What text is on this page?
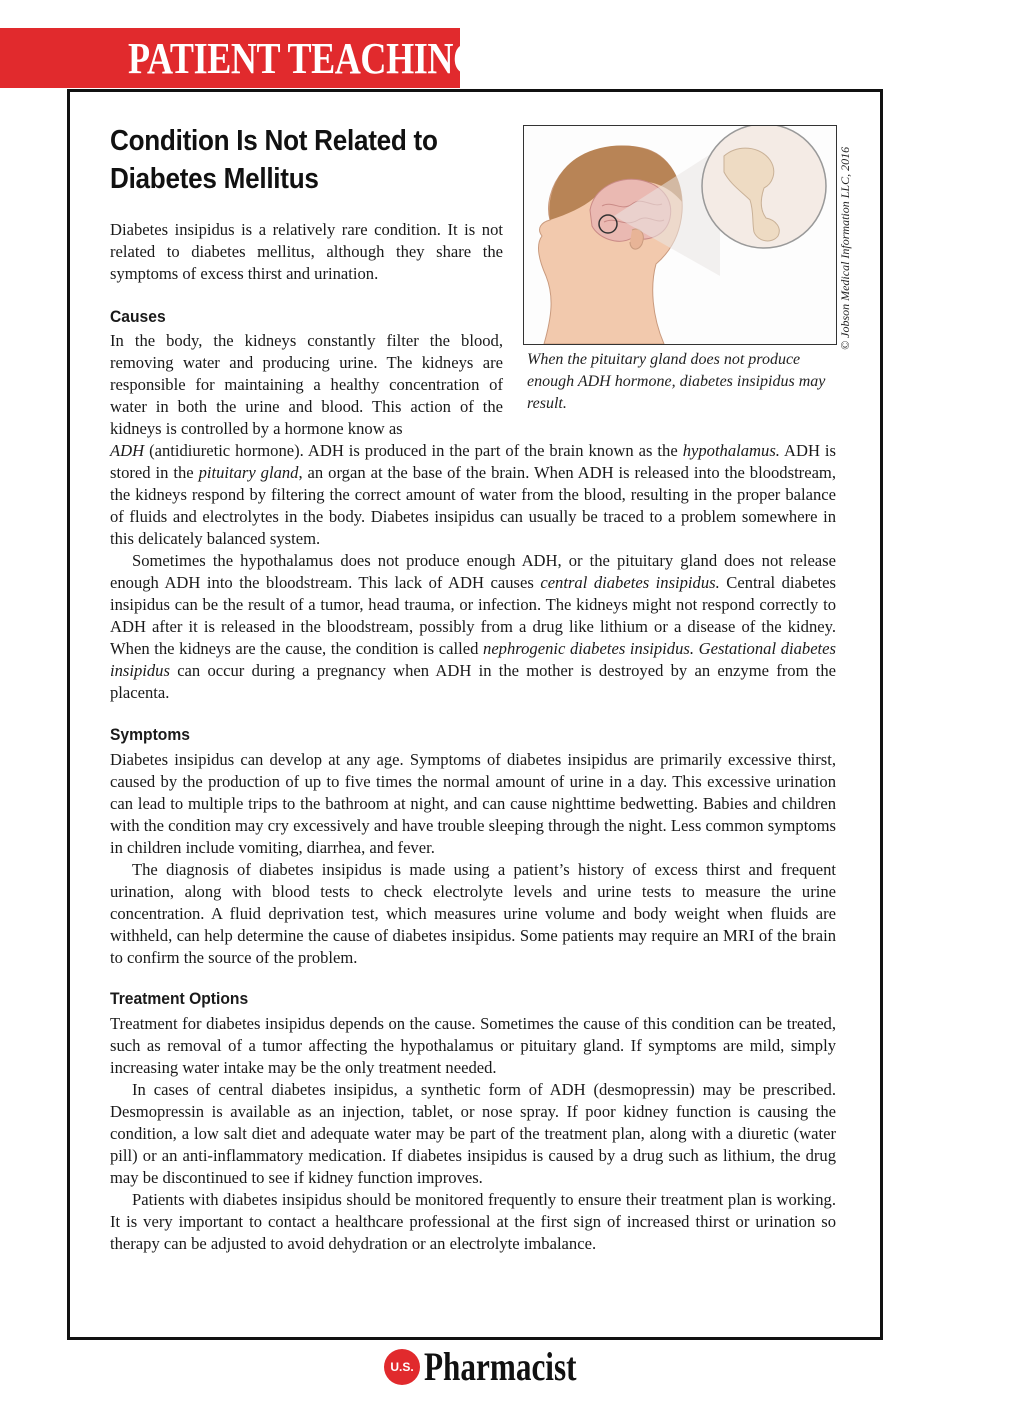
PATIENT TEACHING AID
Condition Is Not Related to Diabetes Mellitus

Diabetes insipidus is a relatively rare condition. It is not related to diabetes mellitus, although they share the symptoms of excess thirst and urination.

When the pituitary gland does not produce enough ADH hormone, diabetes insipidus may result.
© Jobson Medical Information LLC, 2016
Causes

In the body, the kidneys constantly filter the blood, removing water and producing urine. The kidneys are responsible for maintaining a healthy concentration of water in both the urine and blood. This action of the kidneys is controlled by a hormone know as

ADH (antidiuretic hormone). ADH is produced in the part of the brain known as the hypothalamus. ADH is stored in the pituitary gland, an organ at the base of the brain. When ADH is released into the bloodstream, the kidneys respond by filtering the correct amount of water from the blood, resulting in the proper balance of fluids and electrolytes in the body. Diabetes insipidus can usually be traced to a problem somewhere in this delicately balanced system.

Sometimes the hypothalamus does not produce enough ADH, or the pituitary gland does not release enough ADH into the bloodstream. This lack of ADH causes central diabetes insipidus. Central diabetes insipidus can be the result of a tumor, head trauma, or infection. The kidneys might not respond correctly to ADH after it is released in the bloodstream, possibly from a drug like lithium or a disease of the kidney. When the kidneys are the cause, the condition is called nephrogenic diabetes insipidus. Gestational diabetes insipidus can occur during a pregnancy when ADH in the mother is destroyed by an enzyme from the placenta.

Symptoms

Diabetes insipidus can develop at any age. Symptoms of diabetes insipidus are primarily excessive thirst, caused by the production of up to five times the normal amount of urine in a day. This excessive urination can lead to multiple trips to the bathroom at night, and can cause nighttime bedwetting. Babies and children with the condition may cry excessively and have trouble sleeping through the night. Less common symptoms in children include vomiting, diarrhea, and fever.

The diagnosis of diabetes insipidus is made using a patient’s history of excess thirst and frequent urination, along with blood tests to check electrolyte levels and urine tests to measure the urine concentration. A fluid deprivation test, which measures urine volume and body weight when fluids are withheld, can help determine the cause of diabetes insipidus. Some patients may require an MRI of the brain to confirm the source of the problem.

Treatment Options

Treatment for diabetes insipidus depends on the cause. Sometimes the cause of this condition can be treated, such as removal of a tumor affecting the hypothalamus or pituitary gland. If symptoms are mild, simply increasing water intake may be the only treatment needed.

In cases of central diabetes insipidus, a synthetic form of ADH (desmopressin) may be prescribed. Desmopressin is available as an injection, tablet, or nose spray. If poor kidney function is causing the condition, a low salt diet and adequate water may be part of the treatment plan, along with a diuretic (water pill) or an anti-inflammatory medication. If diabetes insipidus is caused by a drug such as lithium, the drug may be discontinued to see if kidney function improves.

Patients with diabetes insipidus should be monitored frequently to ensure their treatment plan is working. It is very important to contact a healthcare professional at the first sign of increased thirst or urination so therapy can be adjusted to avoid dehydration or an electrolyte imbalance.

U.S. Pharmacist
